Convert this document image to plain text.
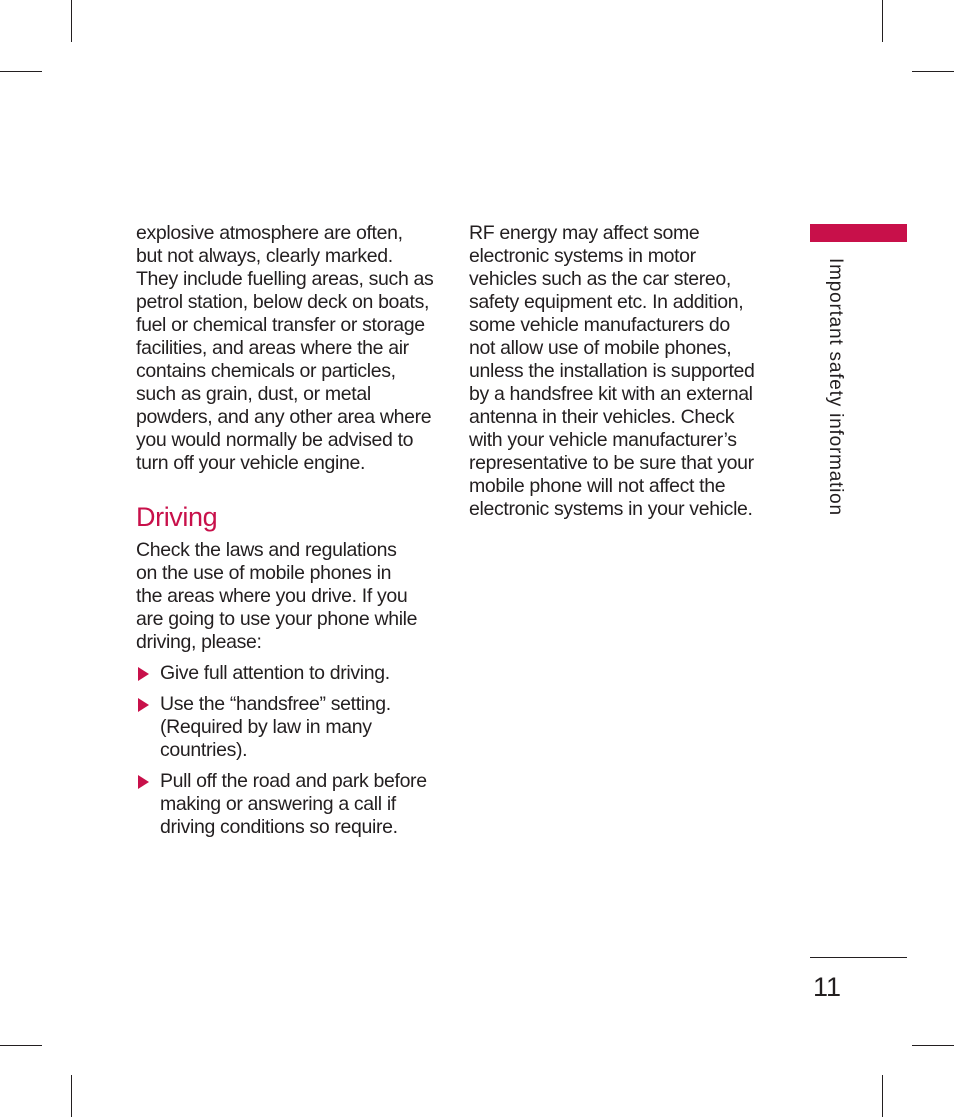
explosive atmosphere are often,
but not always, clearly marked.
They include fuelling areas, such as
petrol station, below deck on boats,
fuel or chemical transfer or storage
facilities, and areas where the air
contains chemicals or particles,
such as grain, dust, or metal
powders, and any other area where
you would normally be advised to
turn off your vehicle engine.

Driving

Check the laws and regulations
on the use of mobile phones in
the areas where you drive. If you
are going to use your phone while
driving, please:

Give full attention to driving.
Use the “handsfree” setting.
(Required by law in many
countries).
Pull off the road and park before
making or answering a call if
driving conditions so require.

RF energy may affect some
electronic systems in motor
vehicles such as the car stereo,
safety equipment etc. In addition,
some vehicle manufacturers do
not allow use of mobile phones,
unless the installation is supported
by a handsfree kit with an external
antenna in their vehicles. Check
with your vehicle manufacturer’s
representative to be sure that your
mobile phone will not affect the
electronic systems in your vehicle.	Important safety information
11
